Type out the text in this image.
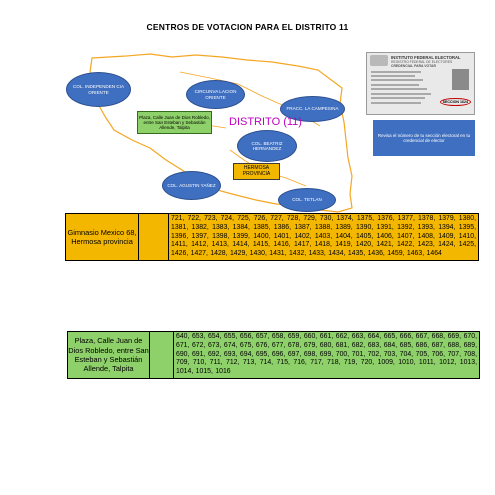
CENTROS DE VOTACION PARA EL DISTRITO 11
COL. INDEPENDEN CIA ORIENTE	CIRCUNVA LACION ORIENTE
FRACC. LA CAMPESINA
COL. BEATRIZ HERNANDEZ
COL. AGUSTIN YAÑEZ
COL. TETLAN
Plaza, Calle Juan de Dios Robledo, entre San Esteban y Sebastián Allende, Talpita
HERMOSA PROVINCIA
DISTRITO (11)
Revisa el número de tu sección electoral en tu credencial de elector
INSTITUTO FEDERAL ELECTORAL
REGISTRO FEDERAL DE ELECTORES
CREDENCIAL PARA VOTAR
SECCION 1624
Gimnasio Mexico 68, Hermosa provincia		721, 722, 723, 724, 725, 726, 727, 728, 729, 730, 1374, 1375, 1376, 1377, 1378, 1379, 1380, 1381, 1382, 1383, 1384, 1385, 1386, 1387, 1388, 1389, 1390, 1391, 1392, 1393, 1394, 1395, 1396, 1397, 1398, 1399, 1400, 1401, 1402, 1403, 1404, 1405, 1406, 1407, 1408, 1409, 1410, 1411, 1412, 1413, 1414, 1415, 1416, 1417, 1418, 1419, 1420, 1421, 1422, 1423, 1424, 1425, 1426, 1427, 1428, 1429, 1430, 1431, 1432, 1433, 1434, 1435, 1436, 1459, 1463, 1464
Plaza, Calle Juan de Dios Robledo, entre San Esteban y Sebastián Allende, Talpita		640, 653, 654, 655, 656, 657, 658, 659, 660, 661, 662, 663, 664, 665, 666, 667, 668, 669, 670, 671, 672, 673, 674, 675, 676, 677, 678, 679, 680, 681, 682, 683, 684, 685, 686, 687, 688, 689, 690, 691, 692, 693, 694, 695, 696, 697, 698, 699, 700, 701, 702, 703, 704, 705, 706, 707, 708, 709, 710, 711, 712, 713, 714, 715, 716, 717, 718, 719, 720, 1009, 1010, 1011, 1012, 1013, 1014, 1015, 1016
